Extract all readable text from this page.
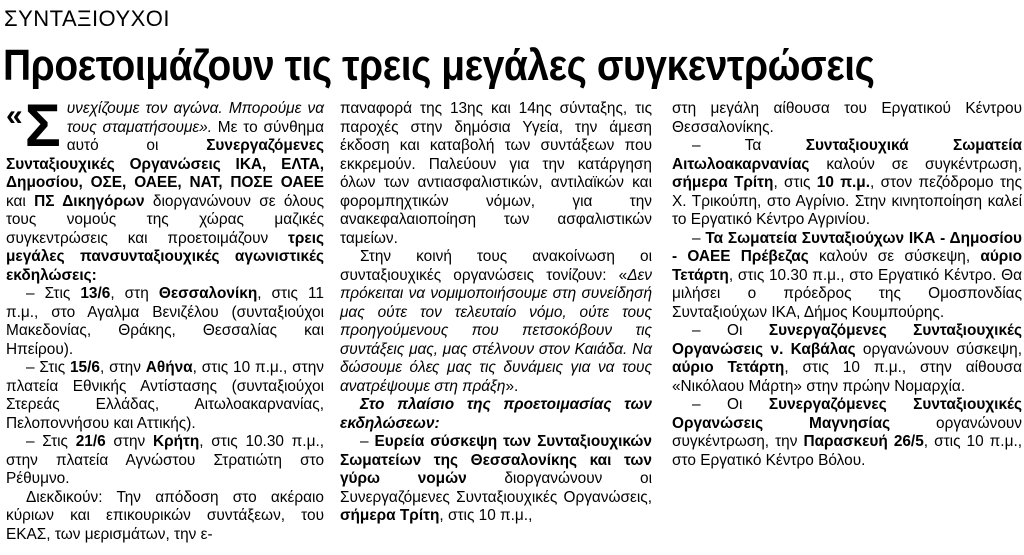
ΣΥΝΤΑΞΙΟΥΧΟΙ
Προετοιμάζουν τις τρεις μεγάλες συγκεντρώσεις

« Σ υνεχίζουμε τον αγώνα. Μπορούμε να τους σταματήσουμε». Με το σύνθημα αυτό οι Συνεργαζόμενες Συνταξιουχικές Οργανώσεις ΙΚΑ, ΕΛΤΑ, Δημοσίου, ΟΣΕ, ΟΑΕΕ, ΝΑΤ, ΠΟΣΕ ΟΑΕΕ και ΠΣ Δικηγόρων διοργανώνουν σε όλους τους νομούς της χώρας μαζικές συγκεντρώσεις και προετοιμάζουν τρεις μεγάλες πανσυνταξιουχικές αγωνιστικές εκδηλώσεις:

– Στις 13/6, στη Θεσσαλονίκη, στις 11 π.μ., στο Αγαλμα Βενιζέλου (συνταξιούχοι Μακεδονίας, Θράκης, Θεσσαλίας και Ηπείρου).

– Στις 15/6, στην Αθήνα, στις 10 π.μ., στην πλατεία Εθνικής Αντίστασης (συνταξιούχοι Στερεάς Ελλάδας, Αιτωλοακαρνανίας, Πελοποννήσου και Αττικής).

– Στις 21/6 στην Κρήτη, στις 10.30 π.μ., στην πλατεία Αγνώστου Στρατιώτη στο Ρέθυμνο.

Διεκδικούν: Την απόδοση στο ακέραιο κύριων και επικουρικών συντάξεων, του ΕΚΑΣ, των μερισμάτων, την ε-

παναφορά της 13ης και 14ης σύνταξης, τις παροχές στην δημόσια Υγεία, την άμεση έκδοση και καταβολή των συντάξεων που εκκρεμούν. Παλεύουν για την κατάργηση όλων των αντιασφαλιστικών, αντιλαϊκών και φορομπηχτικών νόμων, για την ανακεφαλαιοποίηση των ασφαλιστικών ταμείων.

Στην κοινή τους ανακοίνωση οι συνταξιουχικές οργανώσεις τονίζουν: «Δεν πρόκειται να νομιμοποιήσουμε στη συνείδησή μας ούτε τον τελευταίο νόμο, ούτε τους προηγούμενους που πετσοκόβουν τις συντάξεις μας, μας στέλνουν στον Καιάδα. Να δώσουμε όλες μας τις δυνάμεις για να τους ανατρέψουμε στη πράξη».

Στο πλαίσιο της προετοιμασίας των εκδηλώσεων:

– Ευρεία σύσκεψη των Συνταξιουχικών Σωματείων της Θεσσαλονίκης και των γύρω νομών διοργανώνουν οι Συνεργαζόμενες Συνταξιουχικές Οργανώσεις, σήμερα Τρίτη, στις 10 π.μ.,

στη μεγάλη αίθουσα του Εργατικού Κέντρου Θεσσαλονίκης.

– Τα Συνταξιουχικά Σωματεία Αιτωλοακαρνανίας καλούν σε συγκέντρωση, σήμερα Τρίτη, στις 10 π.μ., στον πεζόδρομο της Χ. Τρικούπη, στο Αγρίνιο. Στην κινητοποίηση καλεί το Εργατικό Κέντρο Αγρινίου.

– Τα Σωματεία Συνταξιούχων ΙΚΑ - Δημοσίου - ΟΑΕΕ Πρέβεζας καλούν σε σύσκεψη, αύριο Τετάρτη, στις 10.30 π.μ., στο Εργατικό Κέντρο. Θα μιλήσει ο πρόεδρος της Ομοσπονδίας Συνταξιούχων ΙΚΑ, Δήμος Κουμπούρης.

– Οι Συνεργαζόμενες Συνταξιουχικές Οργανώσεις ν. Καβάλας οργανώνουν σύσκεψη, αύριο Τετάρτη, στις 10 π.μ., στην αίθουσα «Νικόλαου Μάρτη» στην πρώην Νομαρχία.

– Οι Συνεργαζόμενες Συνταξιουχικές Οργανώσεις Μαγνησίας οργανώνουν συγκέντρωση, την Παρασκευή 26/5, στις 10 π.μ., στο Εργατικό Κέντρο Βόλου.
